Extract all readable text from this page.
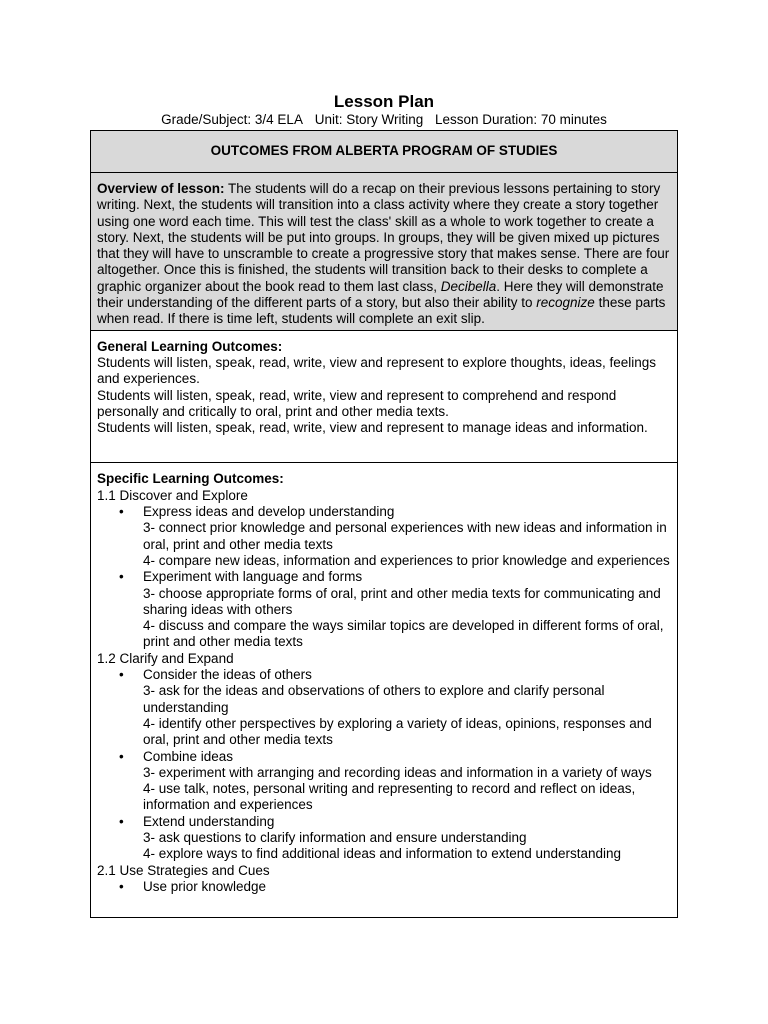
Lesson Plan
Grade/Subject: 3/4 ELA Unit: Story Writing Lesson Duration: 70 minutes
OUTCOMES FROM ALBERTA PROGRAM OF STUDIES
Overview of lesson: The students will do a recap on their previous lessons pertaining to story writing. Next, the students will transition into a class activity where they create a story together using one word each time. This will test the class' skill as a whole to work together to create a story. Next, the students will be put into groups. In groups, they will be given mixed up pictures that they will have to unscramble to create a progressive story that makes sense. There are four altogether. Once this is finished, the students will transition back to their desks to complete a graphic organizer about the book read to them last class, Decibella. Here they will demonstrate their understanding of the different parts of a story, but also their ability to recognize these parts when read. If there is time left, students will complete an exit slip.

General Learning Outcomes:
Students will listen, speak, read, write, view and represent to explore thoughts, ideas, feelings and experiences.
Students will listen, speak, read, write, view and represent to comprehend and respond personally and critically to oral, print and other media texts.
Students will listen, speak, read, write, view and represent to manage ideas and information.

Specific Learning Outcomes:
1.1 Discover and Explore
• Express ideas and develop understanding
3- connect prior knowledge and personal experiences with new ideas and information in oral, print and other media texts
4- compare new ideas, information and experiences to prior knowledge and experiences
• Experiment with language and forms
3- choose appropriate forms of oral, print and other media texts for communicating and sharing ideas with others
4- discuss and compare the ways similar topics are developed in different forms of oral, print and other media texts
1.2 Clarify and Expand
• Consider the ideas of others
3- ask for the ideas and observations of others to explore and clarify personal understanding
4- identify other perspectives by exploring a variety of ideas, opinions, responses and oral, print and other media texts
• Combine ideas
3- experiment with arranging and recording ideas and information in a variety of ways
4- use talk, notes, personal writing and representing to record and reflect on ideas, information and experiences
• Extend understanding
3- ask questions to clarify information and ensure understanding
4- explore ways to find additional ideas and information to extend understanding
2.1 Use Strategies and Cues
• Use prior knowledge
